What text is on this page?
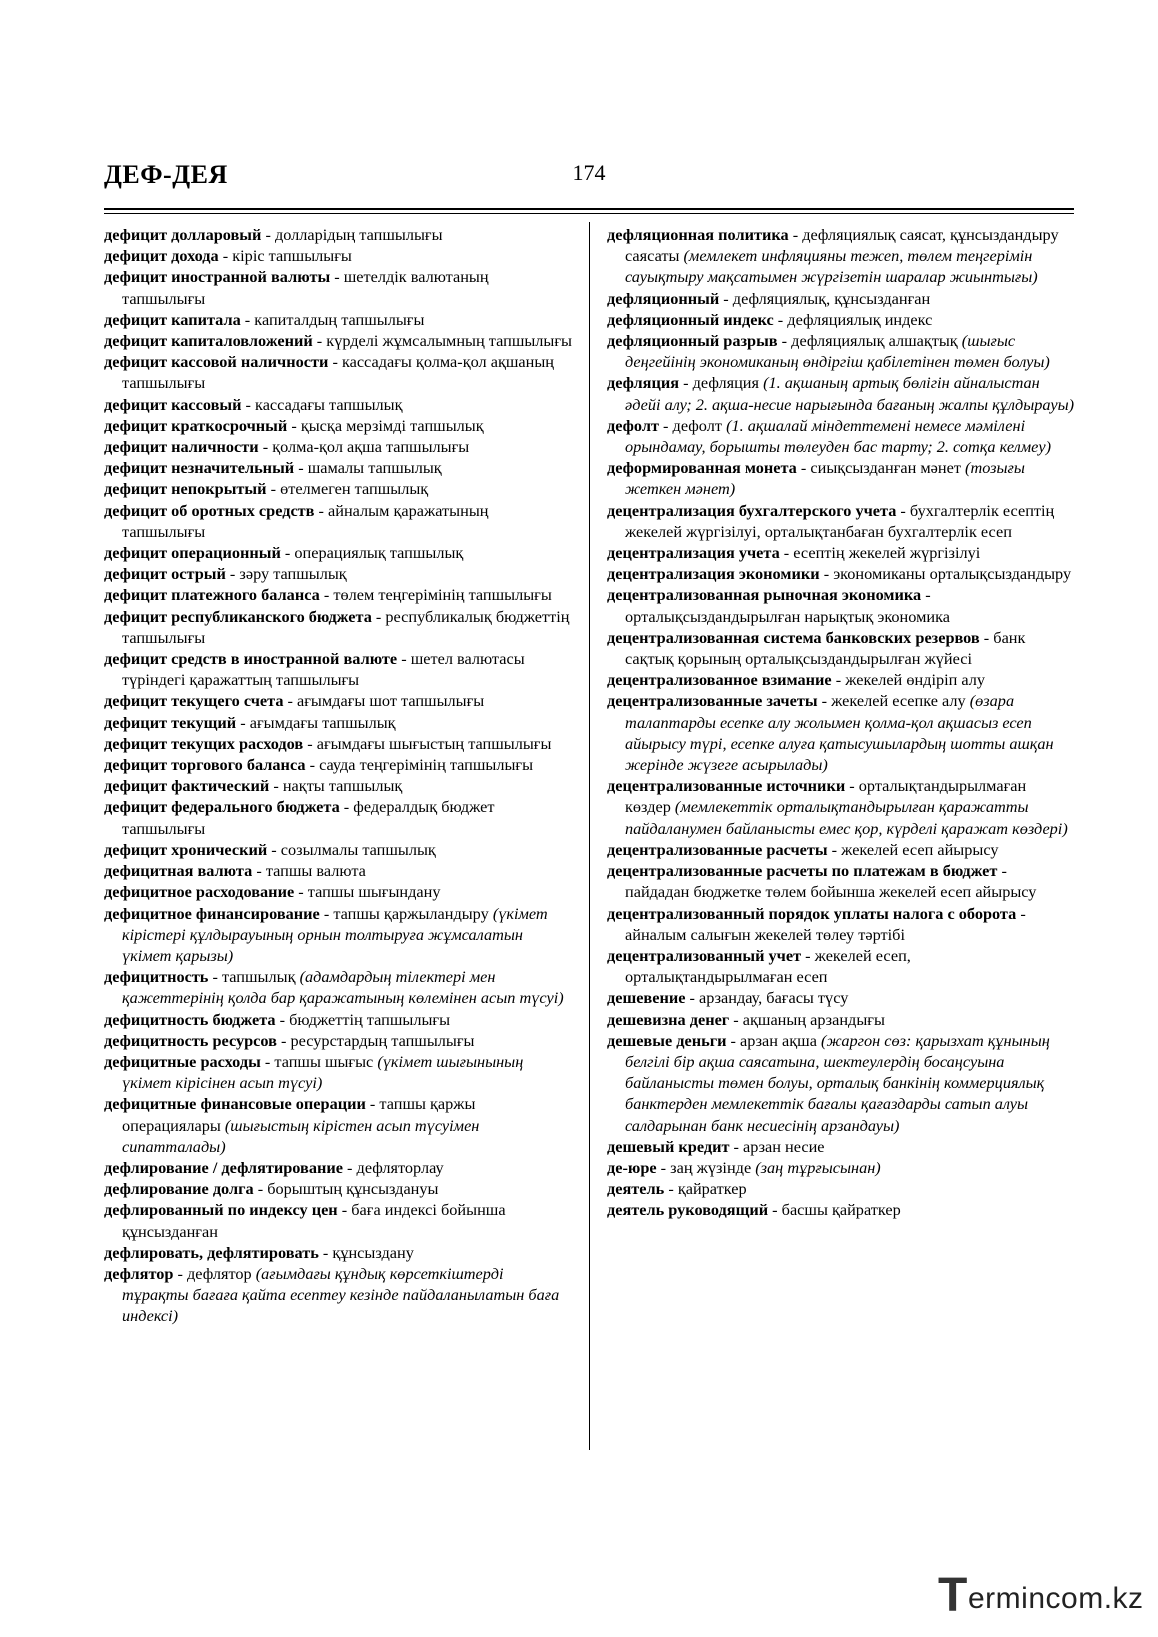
174
ДЕФ-ДЕЯ

дефицит долларовый - долларідың тапшылығы

дефицит дохода - кіріс тапшылығы

дефицит иностранной валюты - шетелдік валютаның тапшылығы

дефицит капитала - капиталдың тапшылығы

дефицит капиталовложений - күрделі жұмсалымның тапшылығы

дефицит кассовой наличности - кассадағы қолма-қол ақшаның тапшылығы

дефицит кассовый - кассадағы тапшылық

дефицит краткосрочный - қысқа мерзімді тапшылық

дефицит наличности - қолма-қол ақша тапшылығы

дефицит незначительный - шамалы тапшылық

дефицит непокрытый - өтелмеген тапшылық

дефицит об оротных средств - айналым қаражатының тапшылығы

дефицит операционный - операциялық тапшылық

дефицит острый - зәру тапшылық

дефицит платежного баланса - төлем теңгерімінің тапшылығы

дефицит республиканского бюджета - республикалық бюджеттің тапшылығы

дефицит средств в иностранной валюте - шетел валютасы түріндегі қаражаттың тапшылығы

дефицит текущего счета - ағымдағы шот тапшылығы

дефицит текущий - ағымдағы тапшылық

дефицит текущих расходов - ағымдағы шығыстың тапшылығы

дефицит торгового баланса - сауда теңгерімінің тапшылығы

дефицит фактический - нақты тапшылық

дефицит федерального бюджета - федералдық бюджет тапшылығы

дефицит хронический - созылмалы тапшылық

дефицитная валюта - тапшы валюта

дефицитное расходование - тапшы шығындану

дефицитное финансирование - тапшы қаржыландыру (үкімет кірістері құлдырауының орнын толтыруға жұмсалатын үкімет қарызы)

дефицитность - тапшылық (адамдардың тілектері мен қажеттерінің қолда бар қаражатының көлемінен асып түсуі)

дефицитность бюджета - бюджеттің тапшылығы

дефицитность ресурсов - ресурстардың тапшылығы

дефицитные расходы - тапшы шығыс (үкімет шығынының үкімет кірісінен асып түсуі)

дефицитные финансовые операции - тапшы қаржы операциялары (шығыстың кірістен асып түсуімен сипатталады)

дефлирование / дефлятирование - дефляторлау

дефлирование долга - борыштың құнсыздануы

дефлированный по индексу цен - баға индексі бойынша құнсызданған

дефлировать, дефлятировать - құнсыздану

дефлятор - дефлятор (ағымдағы құндық көрсеткіштерді тұрақты бағаға қайта есептеу кезінде пайдаланылатын баға индексі)

дефляционная политика - дефляциялық саясат, құнсыздандыру саясаты (мемлекет инфляцияны тежеп, төлем теңгерімін сауықтыру мақсатымен жүргізетін шаралар жиынтығы)

дефляционный - дефляциялық, құнсызданған

дефляционный индекс - дефляциялық индекс

дефляционный разрыв - дефляциялық алшақтық (шығыс деңгейінің экономиканың өндіргіш қабілетінен төмен болуы)

дефляция - дефляция (1. ақшаның артық бөлігін айналыстан әдейі алу; 2. ақша-несие нарығында бағаның жалпы құлдырауы)

дефолт - дефолт (1. ақшалай міндеттемені немесе мәмілені орындамау, борышты төлеуден бас тарту; 2. сотқа келмеу)

деформированная монета - сиықсызданған мәнет (тозығы жеткен мәнет)

децентрализация бухгалтерского учета - бухгалтерлік есептің жекелей жүргізілуі, орталықтанбаған бухгалтерлік есеп

децентрализация учета - есептің жекелей жүргізілуі

децентрализация экономики - экономиканы орталықсыздандыру

децентрализованная рыночная экономика - орталықсыздандырылған нарықтық экономика

децентрализованная система банковских резервов - банк сақтық қорының орталықсыздандырылған жүйесі

децентрализованное взимание - жекелей өндіріп алу

децентрализованные зачеты - жекелей есепке алу (өзара талаптарды есепке алу жолымен қолма-қол ақшасыз есеп айырысу түрі, есепке алуға қатысушылардың шотты ашқан жерінде жүзеге асырылады)

децентрализованные источники - орталықтандырылмаған көздер (мемлекеттік орталықтандырылған қаражатты пайдаланумен байланысты емес қор, күрделі қаражат көздері)

децентрализованные расчеты - жекелей есеп айырысу

децентрализованные расчеты по платежам в бюджет - пайдадан бюджетке төлем бойынша жекелей есеп айырысу

децентрализованный порядок уплаты налога с оборота - айналым салығын жекелей төлеу тәртібі

децентрализованный учет - жекелей есеп, орталықтандырылмаған есеп

дешевение - арзандау, бағасы түсу

дешевизна денег - ақшаның арзандығы

дешевые деньги - арзан ақша (жаргон сөз: қарызхат құнының белгілі бір ақша саясатына, шектеулердің босаңсуына байланысты төмен болуы, орталық банкінің коммерциялық банктерден мемлекеттік бағалы қағаздарды сатып алуы салдарынан банк несиесінің арзандауы)

дешевый кредит - арзан несие

де-юре - заң жүзінде (заң тұрғысынан)

деятель - қайраткер

деятель руководящий - басшы қайраткер

T ermincom.kz
